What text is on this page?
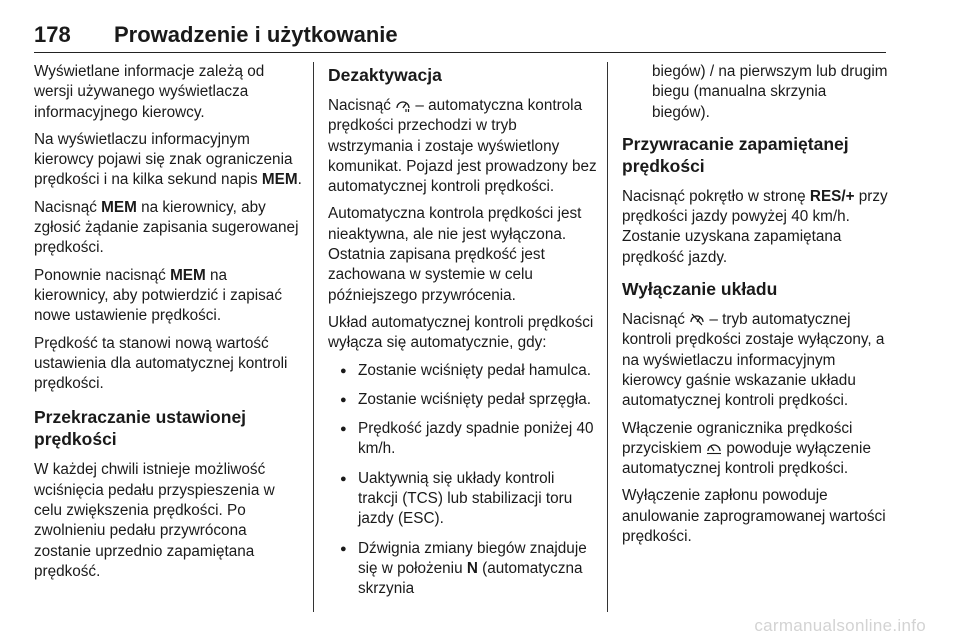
178 Prowadzenie i użytkowanie

Wyświetlane informacje zależą od wersji używanego wyświetlacza informacyjnego kierowcy.

Na wyświetlaczu informacyjnym kierowcy pojawi się znak ograniczenia prędkości i na kilka sekund napis MEM.

Nacisnąć MEM na kierownicy, aby zgłosić żądanie zapisania sugerowanej prędkości.

Ponownie nacisnąć MEM na kierownicy, aby potwierdzić i zapisać nowe ustawienie prędkości.

Prędkość ta stanowi nową wartość ustawienia dla automatycznej kontroli prędkości.

Przekraczanie ustawionej prędkości

W każdej chwili istnieje możliwość wciśnięcia pedału przyspieszenia w celu zwiększenia prędkości. Po zwolnieniu pedału przywrócona zostanie uprzednio zapamiętana prędkość.

Dezaktywacja

Nacisnąć
– automatyczna kontrola prędkości przechodzi w tryb wstrzymania i zostaje wyświetlony komunikat. Pojazd jest prowadzony bez automatycznej kontroli prędkości.

Automatyczna kontrola prędkości jest nieaktywna, ale nie jest wyłączona. Ostatnia zapisana prędkość jest zachowana w systemie w celu późniejszego przywrócenia.

Układ automatycznej kontroli prędkości wyłącza się automatycznie, gdy:

● Zostanie wciśnięty pedał hamulca.
● Zostanie wciśnięty pedał sprzęgła.
● Prędkość jazdy spadnie poniżej 40 km/h.
● Uaktywnią się układy kontroli trakcji (TCS) lub stabilizacji toru jazdy (ESC).
● Dźwignia zmiany biegów znajduje się w położeniu N (automatyczna skrzynia

biegów) / na pierwszym lub drugim biegu (manualna skrzynia biegów).

Przywracanie zapamiętanej prędkości

Nacisnąć pokrętło w stronę RES/+ przy prędkości jazdy powyżej 40 km/h. Zostanie uzyskana zapamiętana prędkość jazdy.

Wyłączanie układu

Nacisnąć
– tryb automatycznej kontroli prędkości zostaje wyłączony, a na wyświetlaczu informacyjnym kierowcy gaśnie wskazanie układu automatycznej kontroli prędkości.

Włączenie ogranicznika prędkości przyciskiem
powoduje wyłączenie automatycznej kontroli prędkości.

Wyłączenie zapłonu powoduje anulowanie zaprogramowanej wartości prędkości.

carmanualsonline.info
